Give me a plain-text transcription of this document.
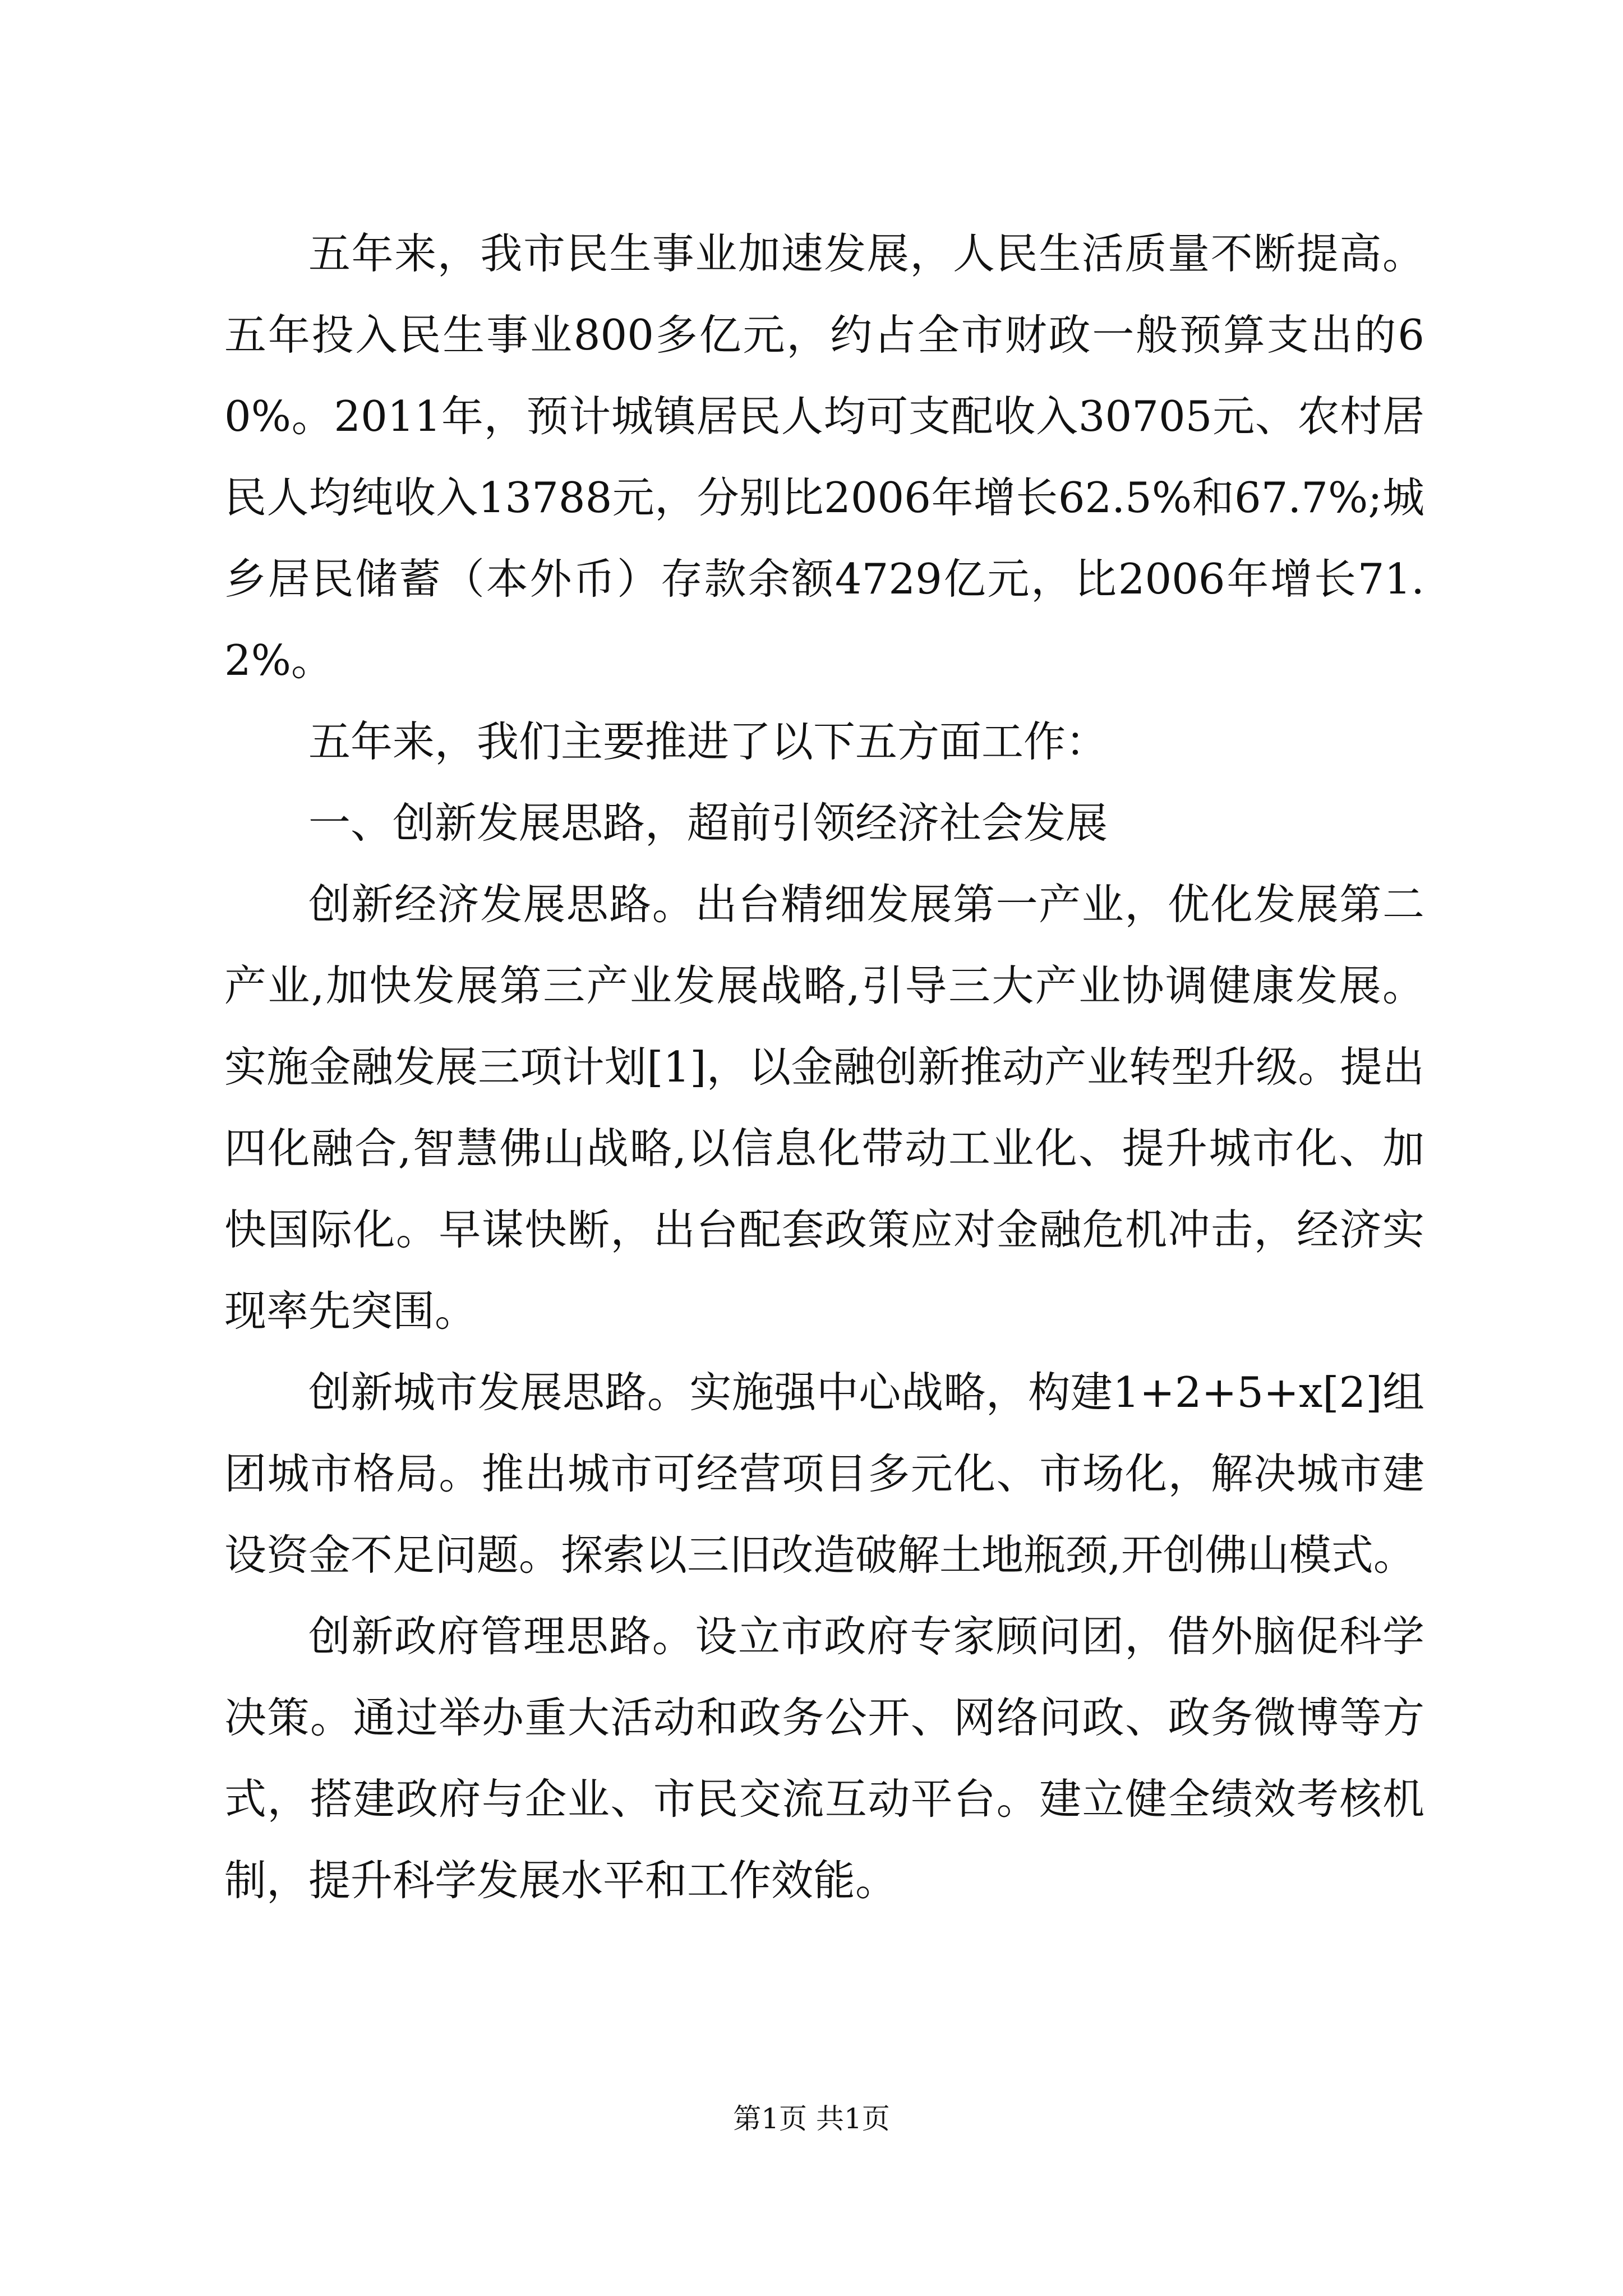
五年来，我市民生事业加速发展，人民生活质量不断提高。五年投入民生事业800多亿元，约占全市财政一般预算支出的60%。2011年，预计城镇居民人均可支配收入30705元、农村居民人均纯收入13788元，分别比2006年增长62.5%和67.7%;城乡居民储蓄（本外币）存款余额4729亿元，比2006年增长71.2%。

五年来，我们主要推进了以下五方面工作：

一、创新发展思路，超前引领经济社会发展

创新经济发展思路。出台精细发展第一产业，优化发展第二产业,加快发展第三产业发展战略,引导三大产业协调健康发展。实施金融发展三项计划[1]，以金融创新推动产业转型升级。提出四化融合,智慧佛山战略,以信息化带动工业化、提升城市化、加快国际化。早谋快断，出台配套政策应对金融危机冲击，经济实现率先突围。

创新城市发展思路。实施强中心战略，构建1+2+5+x[2]组团城市格局。推出城市可经营项目多元化、市场化，解决城市建设资金不足问题。探索以三旧改造破解土地瓶颈,开创佛山模式。

创新政府管理思路。设立市政府专家顾问团，借外脑促科学决策。通过举办重大活动和政务公开、网络问政、政务微博等方式，搭建政府与企业、市民交流互动平台。建立健全绩效考核机制，提升科学发展水平和工作效能。

第1页 共1页
